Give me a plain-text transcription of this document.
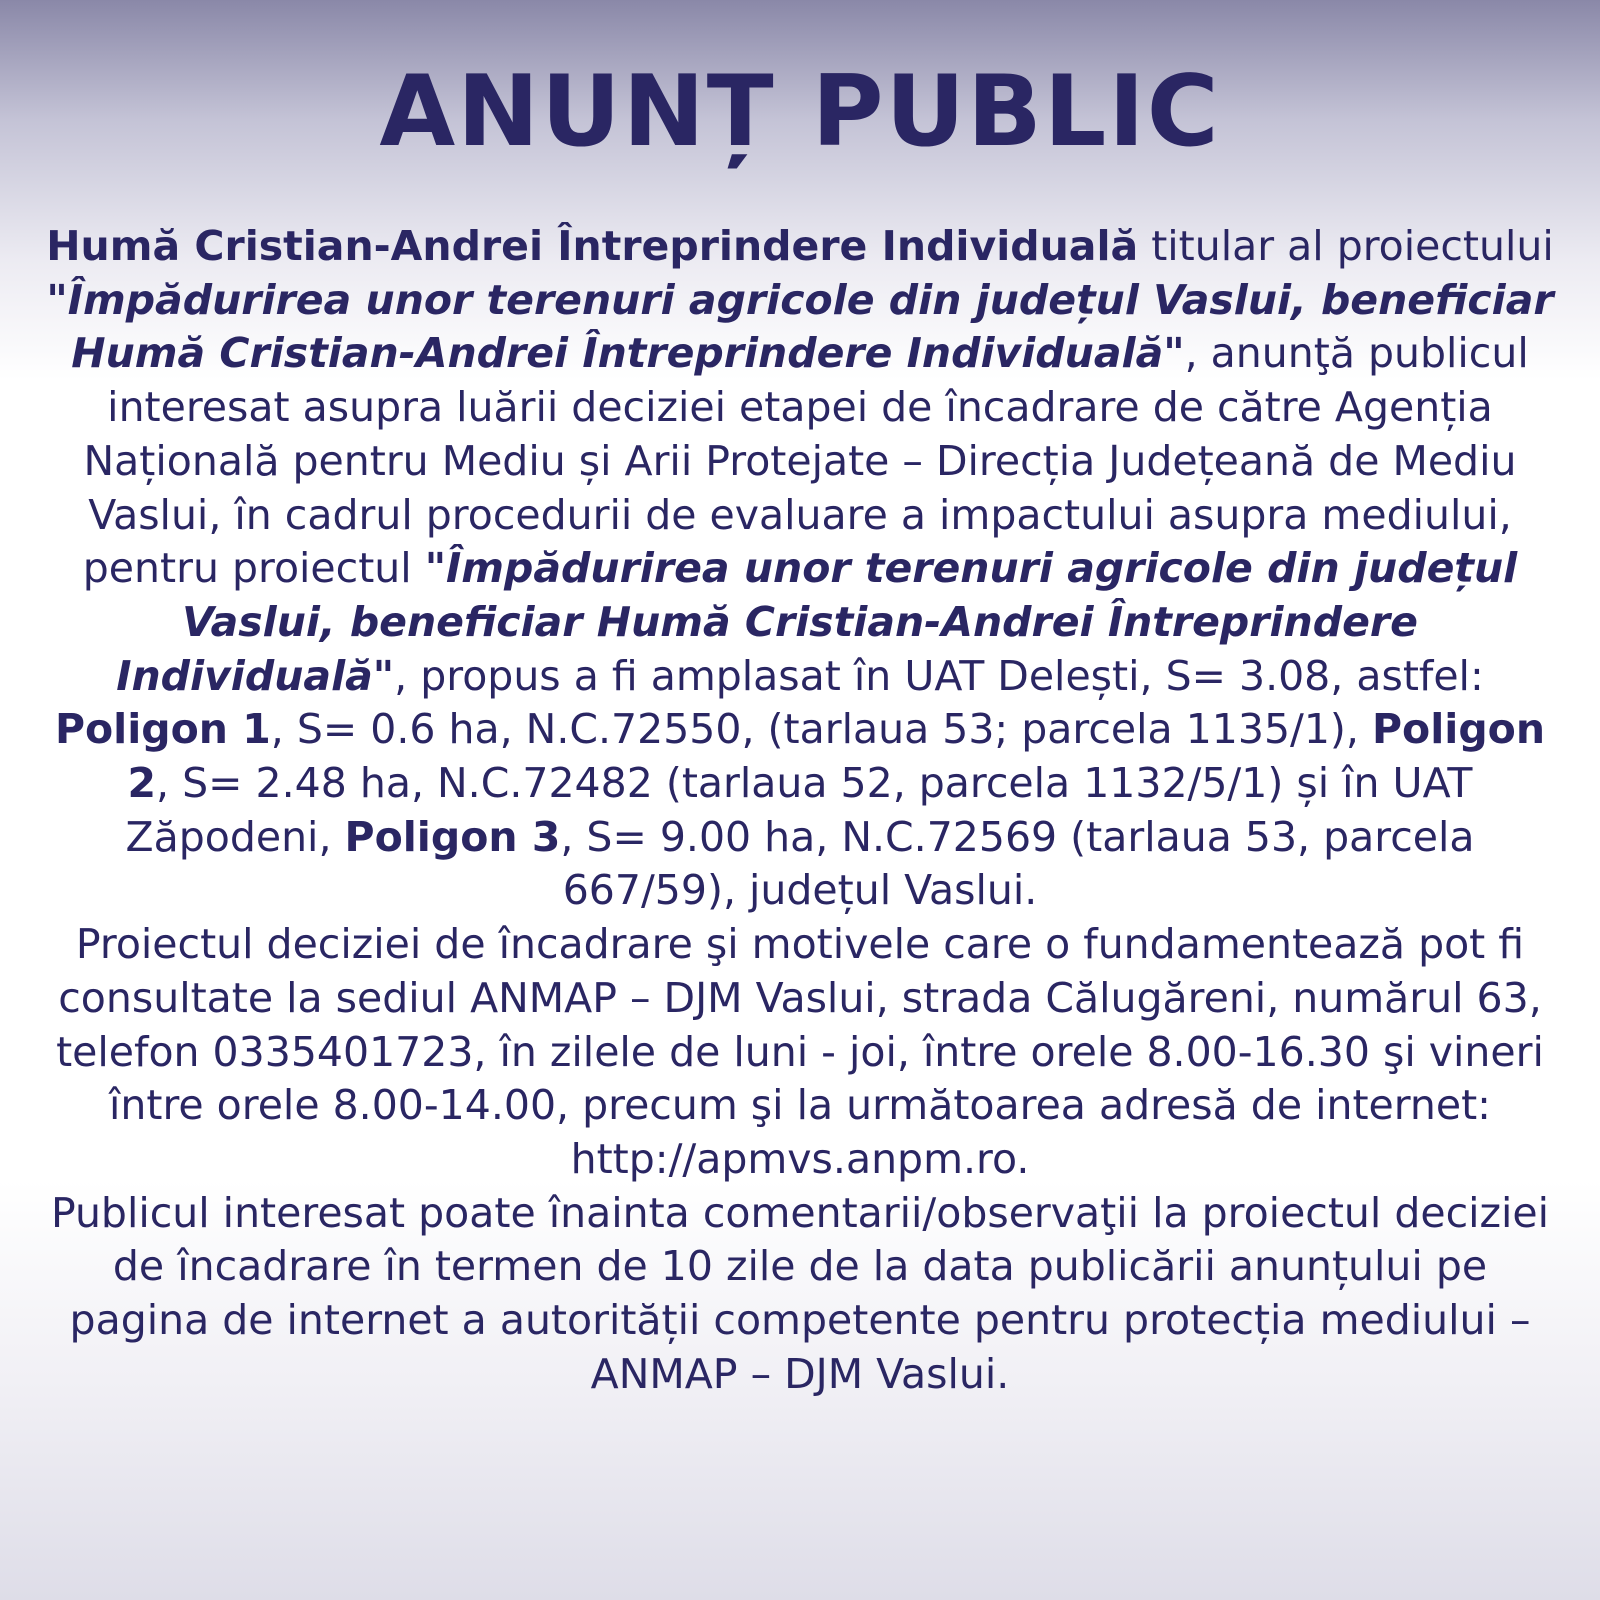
ANUNȚ PUBLIC

Humă Cristian-Andrei Întreprindere Individuală titular al proiectului "Împădurirea unor terenuri agricole din județul Vaslui, beneficiar Humă Cristian-Andrei Întreprindere Individuală", anunţă publicul interesat asupra luării deciziei etapei de încadrare de către Agenția Națională pentru Mediu și Arii Protejate – Direcția Județeană de Mediu Vaslui, în cadrul procedurii de evaluare a impactului asupra mediului, pentru proiectul "Împădurirea unor terenuri agricole din județul Vaslui, beneficiar Humă Cristian-Andrei Întreprindere Individuală", propus a fi amplasat în UAT Delești, S= 3.08, astfel: Poligon 1, S= 0.6 ha, N.C.72550, (tarlaua 53; parcela 1135/1), Poligon 2, S= 2.48 ha, N.C.72482 (tarlaua 52, parcela 1132/5/1) și în UAT Zăpodeni, Poligon 3, S= 9.00 ha, N.C.72569 (tarlaua 53, parcela 667/59), județul Vaslui.

Proiectul deciziei de încadrare şi motivele care o fundamentează pot fi consultate la sediul ANMAP – DJM Vaslui, strada Călugăreni, numărul 63, telefon 0335401723, în zilele de luni - joi, între orele 8.00-16.30 şi vineri între orele 8.00-14.00, precum şi la următoarea adresă de internet: http://apmvs.anpm.ro.

Publicul interesat poate înainta comentarii/observaţii la proiectul deciziei de încadrare în termen de 10 zile de la data publicării anunțului pe pagina de internet a autorității competente pentru protecția mediului – ANMAP – DJM Vaslui.
